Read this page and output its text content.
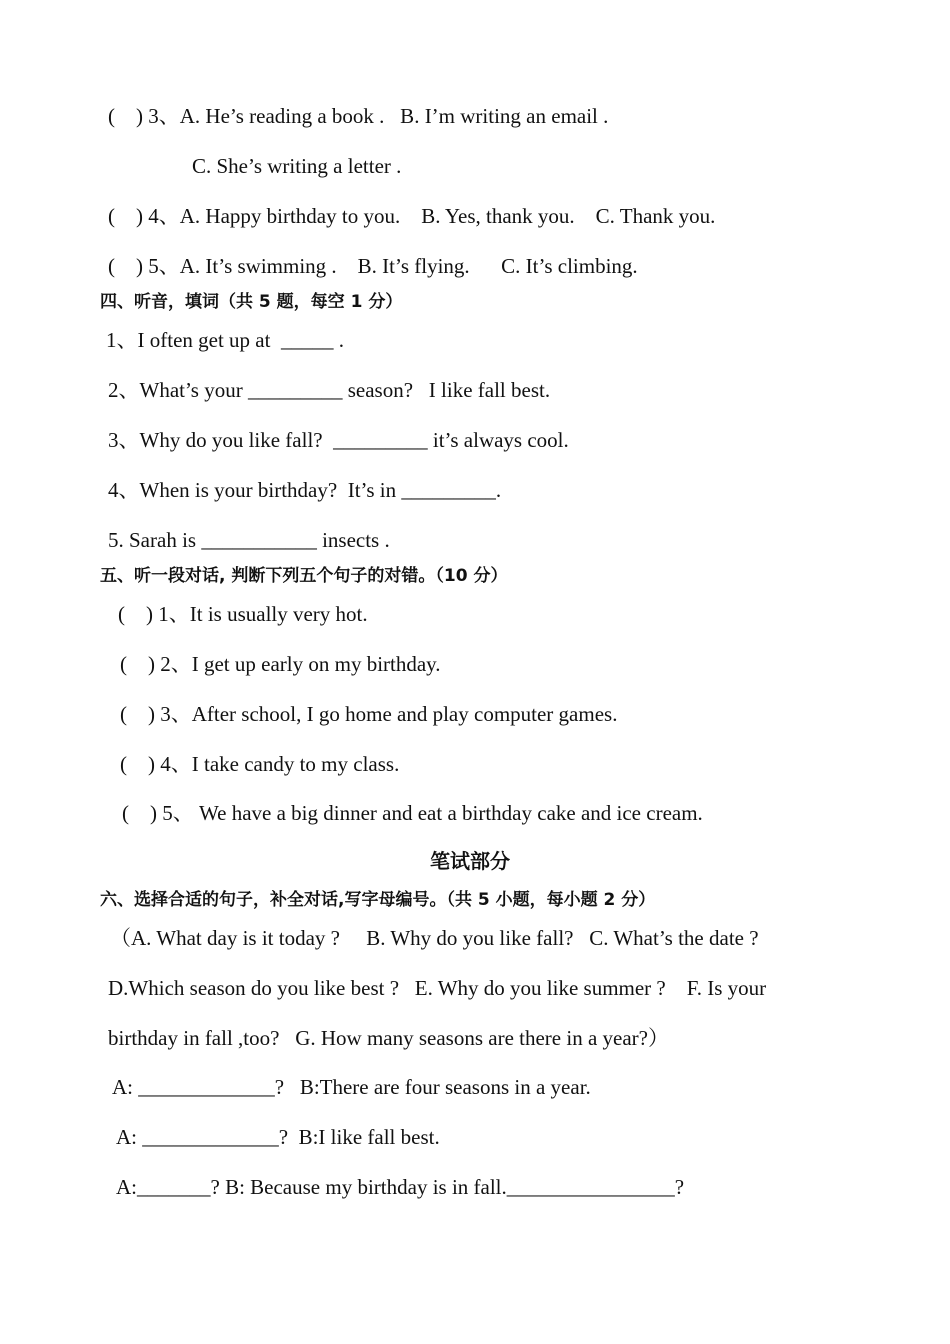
(    ) 3、A. He’s reading a book .   B. I’m writing an email .
C. She’s writing a letter .
(    ) 4、A. Happy birthday to you.    B. Yes, thank you.    C. Thank you.
(    ) 5、A. It’s swimming .    B. It’s flying.      C. It’s climbing.
四、听音，填词（共 5 题，每空 1 分）
1、I often get up at  _____ .
2、What’s your _________ season?   I like fall best.
3、Why do you like fall?  _________ it’s always cool.
4、When is your birthday?  It’s in _________.
5. Sarah is ___________ insects .
五、听一段对话, 判断下列五个句子的对错。（10 分）
(    ) 1、It is usually very hot.
(    ) 2、I get up early on my birthday.
(    ) 3、After school, I go home and play computer games.
(    ) 4、I take candy to my class.
(    ) 5、 We have a big dinner and eat a birthday cake and ice cream.
笔试部分
六、选择合适的句子，补全对话,写字母编号。（共 5 小题，每小题 2 分）
（A. What day is it today ?     B. Why do you like fall?   C. What’s the date ?
D.Which season do you like best ?   E. Why do you like summer ?    F. Is your
birthday in fall ,too?   G. How many seasons are there in a year?）
A: _____________?   B:There are four seasons in a year.
A: _____________?  B:I like fall best.
A:_______? B: Because my birthday is in fall.________________?
